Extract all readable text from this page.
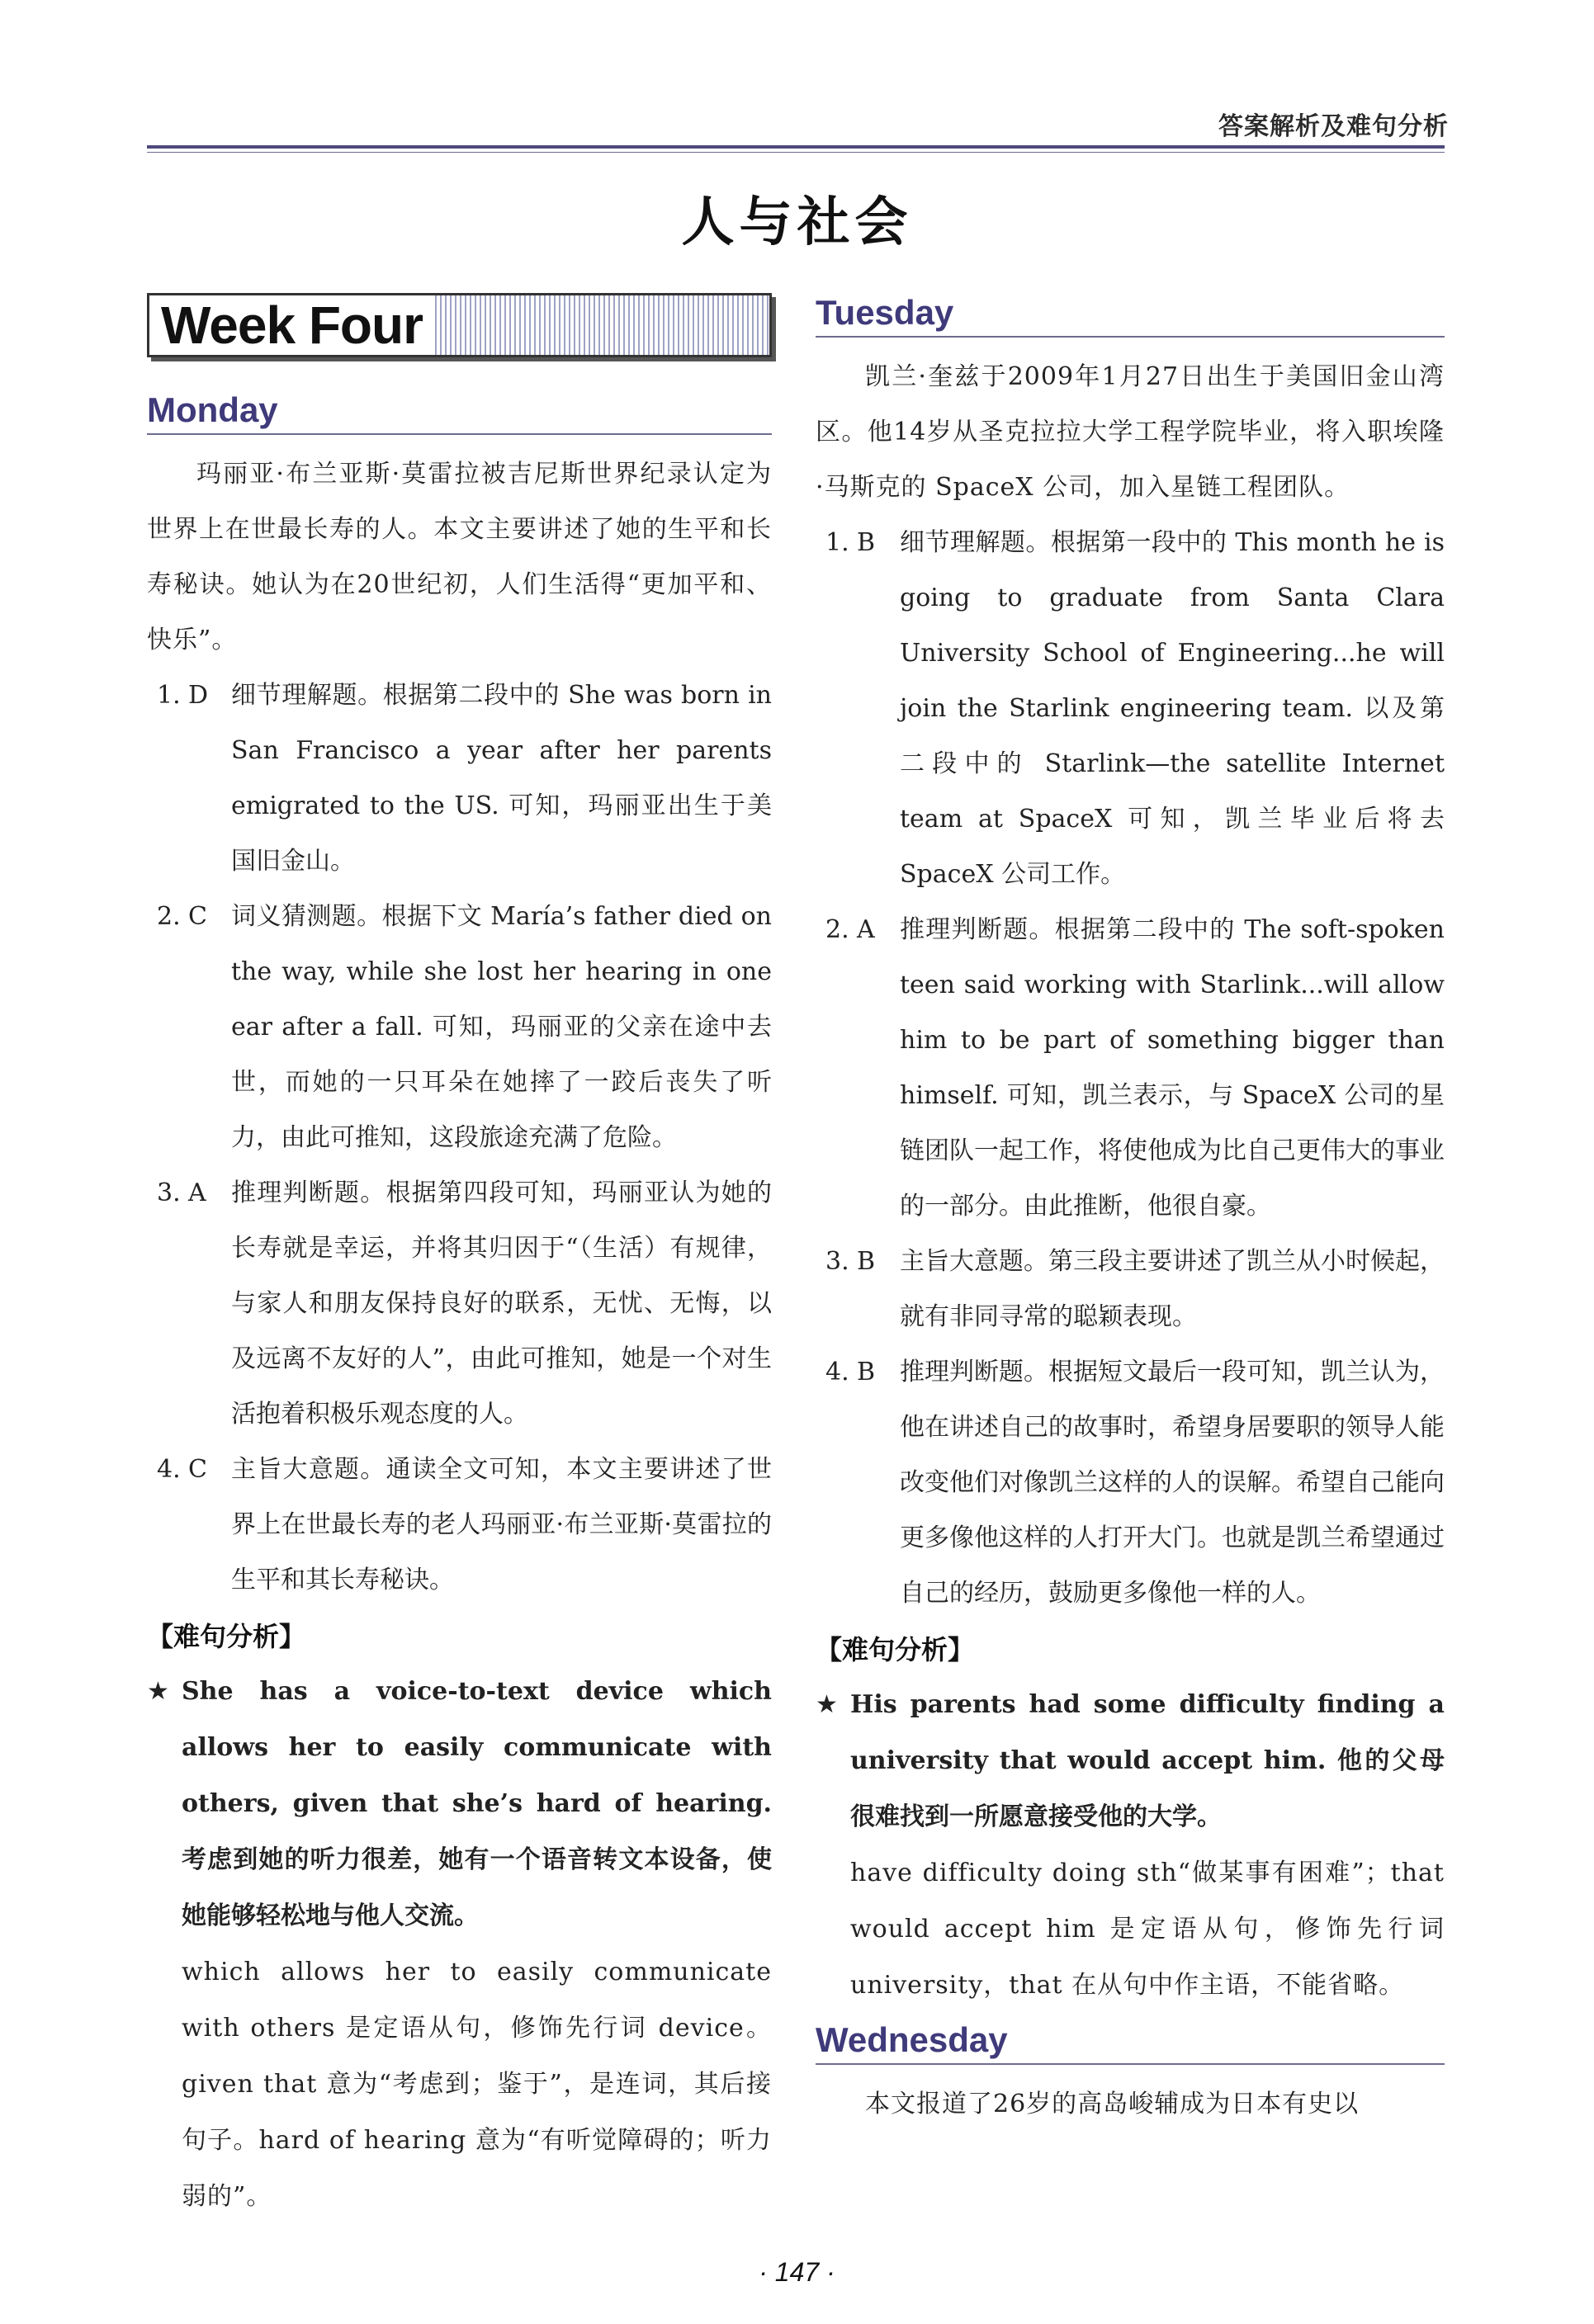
答案解析及难句分析
人与社会
Week Four
Monday

玛丽亚·布兰亚斯·莫雷拉被吉尼斯世界纪录认定为世界上在世最长寿的人。本文主要讲述了她的生平和长寿秘诀。她认为在20世纪初，人们生活得“更加平和、快乐”。

1. D 细节理解题。根据第二段中的 She was born in San Francisco a year after her parents emigrated to the US. 可知，玛丽亚出生于美国旧金山。
2. C 词义猜测题。根据下文 María’s father died on the way, while she lost her hearing in one ear after a fall. 可知，玛丽亚的父亲在途中去世，而她的一只耳朵在她摔了一跤后丧失了听力，由此可推知，这段旅途充满了危险。
3. A	推理判断题。根据第四段可知，玛丽亚认为她的长寿就是幸运，并将其归因于“（生活）有规律，与家人和朋友保持良好的联系，无忧、无悔，以及远离不友好的人”，由此可推知，她是一个对生活抱着积极乐观态度的人。
4. C 主旨大意题。通读全文可知，本文主要讲述了世界上在世最长寿的老人玛丽亚·布兰亚斯·莫雷拉的生平和其长寿秘诀。
【难句分析】
★ She has a voice-to-text device which allows her to easily communicate with others, given that she’s hard of hearing. 考虑到她的听力很差，她有一个语音转文本设备，使她能够轻松地与他人交流。
which allows her to easily communicate with others 是定语从句，修饰先行词 device。given that 意为“考虑到；鉴于”，是连词，其后接句子。hard of hearing 意为“有听觉障碍的；听力弱的”。
Tuesday

凯兰·奎兹于2009年1月27日出生于美国旧金山湾区。他14岁从圣克拉拉大学工程学院毕业，将入职埃隆·马斯克的 SpaceX 公司，加入星链工程团队。

1. B 细节理解题。根据第一段中的 This month he is going to graduate from Santa Clara University School of Engineering...he will join the Starlink engineering team. 以及第二段中的 Starlink—the satellite Internet team at SpaceX 可知，凯兰毕业后将去 SpaceX 公司工作。
2. A	推理判断题。根据第二段中的 The soft-spoken teen said working with Starlink...will allow him to be part of something bigger than himself. 可知，凯兰表示，与 SpaceX 公司的星链团队一起工作，将使他成为比自己更伟大的事业的一部分。由此推断，他很自豪。
3. B 主旨大意题。第三段主要讲述了凯兰从小时候起，就有非同寻常的聪颖表现。
4. B 推理判断题。根据短文最后一段可知，凯兰认为，他在讲述自己的故事时，希望身居要职的领导人能改变他们对像凯兰这样的人的误解。希望自己能向更多像他这样的人打开大门。也就是凯兰希望通过自己的经历，鼓励更多像他一样的人。
【难句分析】
★ His parents had some difficulty finding a university that would accept him. 他的父母很难找到一所愿意接受他的大学。
have difficulty doing sth“做某事有困难”；that would accept him 是定语从句，修饰先行词 university，that 在从句中作主语，不能省略。
Wednesday

本文报道了26岁的高岛峻辅成为日本有史以

· 147 ·
